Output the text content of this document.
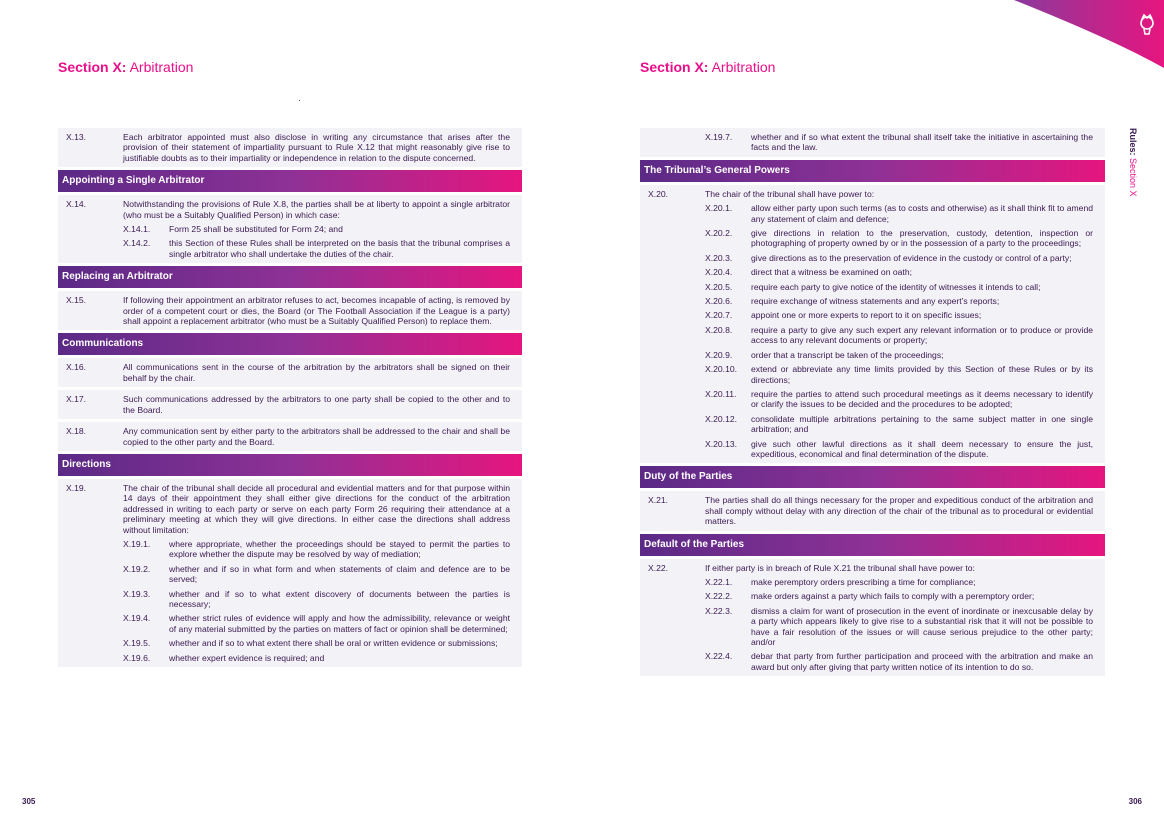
Section X: Arbitration
X.13.	Each arbitrator appointed must also disclose in writing any circumstance that arises after the provision of their statement of impartiality pursuant to Rule X.12 that might reasonably give rise to justifiable doubts as to their impartiality or independence in relation to the dispute concerned.
Appointing a Single Arbitrator
X.14.	Notwithstanding the provisions of Rule X.8, the parties shall be at liberty to appoint a single arbitrator (who must be a Suitably Qualified Person) in which case:
X.14.1.	Form 25 shall be substituted for Form 24; and
X.14.2.	this Section of these Rules shall be interpreted on the basis that the tribunal comprises a single arbitrator who shall undertake the duties of the chair.
Replacing an Arbitrator
X.15.	If following their appointment an arbitrator refuses to act, becomes incapable of acting, is removed by order of a competent court or dies, the Board (or The Football Association if the League is a party) shall appoint a replacement arbitrator (who must be a Suitably Qualified Person) to replace them.
Communications
X.16.	All communications sent in the course of the arbitration by the arbitrators shall be signed on their behalf by the chair.
X.17.	Such communications addressed by the arbitrators to one party shall be copied to the other and to the Board.
X.18.	Any communication sent by either party to the arbitrators shall be addressed to the chair and shall be copied to the other party and the Board.
Directions
X.19.	The chair of the tribunal shall decide all procedural and evidential matters and for that purpose within 14 days of their appointment they shall either give directions for the conduct of the arbitration addressed in writing to each party or serve on each party Form 26 requiring their attendance at a preliminary meeting at which they will give directions. In either case the directions shall address without limitation:
X.19.1.	where appropriate, whether the proceedings should be stayed to permit the parties to explore whether the dispute may be resolved by way of mediation;
X.19.2.	whether and if so in what form and when statements of claim and defence are to be served;
X.19.3.	whether and if so to what extent discovery of documents between the parties is necessary;
X.19.4.	whether strict rules of evidence will apply and how the admissibility, relevance or weight of any material submitted by the parties on matters of fact or opinion shall be determined;
X.19.5.	whether and if so to what extent there shall be oral or written evidence or submissions;
X.19.6.	whether expert evidence is required; and
305
Section X: Arbitration
X.19.7.	whether and if so what extent the tribunal shall itself take the initiative in ascertaining the facts and the law.
The Tribunal’s General Powers
X.20.	The chair of the tribunal shall have power to:
X.20.1.	allow either party upon such terms (as to costs and otherwise) as it shall think fit to amend any statement of claim and defence;
X.20.2.	give directions in relation to the preservation, custody, detention, inspection or photographing of property owned by or in the possession of a party to the proceedings;
X.20.3.	give directions as to the preservation of evidence in the custody or control of a party;
X.20.4.	direct that a witness be examined on oath;
X.20.5.	require each party to give notice of the identity of witnesses it intends to call;
X.20.6.	require exchange of witness statements and any expert’s reports;
X.20.7.	appoint one or more experts to report to it on specific issues;
X.20.8.	require a party to give any such expert any relevant information or to produce or provide access to any relevant documents or property;
X.20.9.	order that a transcript be taken of the proceedings;
X.20.10.	extend or abbreviate any time limits provided by this Section of these Rules or by its directions;
X.20.11.	require the parties to attend such procedural meetings as it deems necessary to identify or clarify the issues to be decided and the procedures to be adopted;
X.20.12.	consolidate multiple arbitrations pertaining to the same subject matter in one single arbitration; and
X.20.13.	give such other lawful directions as it shall deem necessary to ensure the just, expeditious, economical and final determination of the dispute.
Duty of the Parties
X.21.	The parties shall do all things necessary for the proper and expeditious conduct of the arbitration and shall comply without delay with any direction of the chair of the tribunal as to procedural or evidential matters.
Default of the Parties
X.22.	If either party is in breach of Rule X.21 the tribunal shall have power to:
X.22.1.	make peremptory orders prescribing a time for compliance;
X.22.2.	make orders against a party which fails to comply with a peremptory order;
X.22.3.	dismiss a claim for want of prosecution in the event of inordinate or inexcusable delay by a party which appears likely to give rise to a substantial risk that it will not be possible to have a fair resolution of the issues or will cause serious prejudice to the other party; and/or
X.22.4.	debar that party from further participation and proceed with the arbitration and make an award but only after giving that party written notice of its intention to do so.
Rules: Section X
306
